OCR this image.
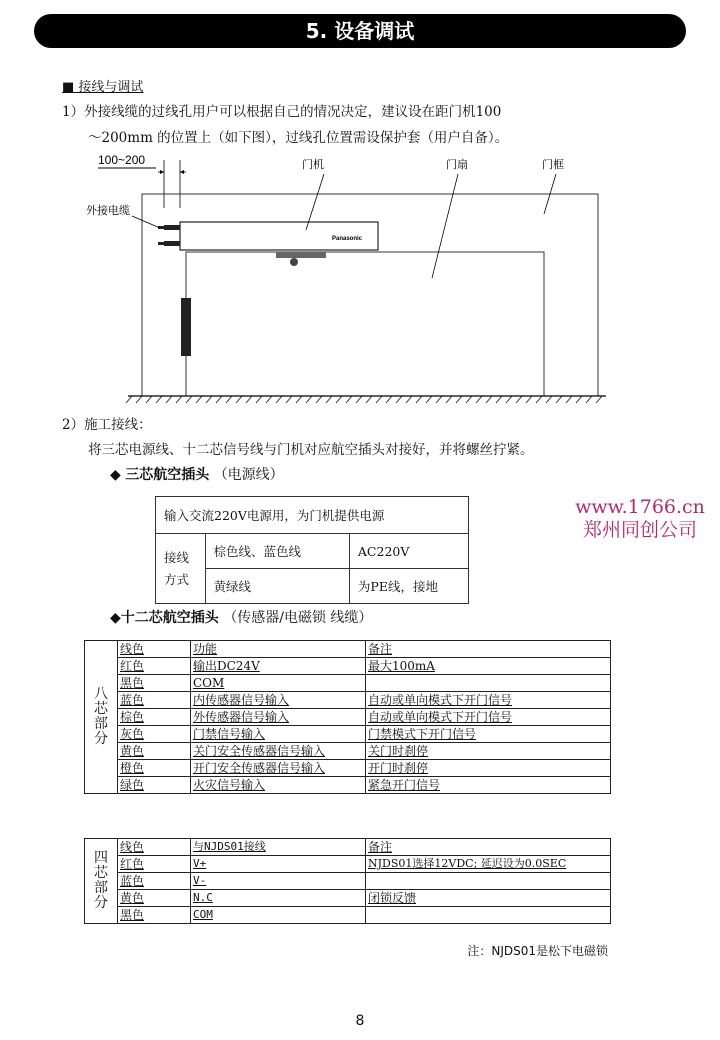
5. 设备调试
■ 接线与调试
1）外接线缆的过线孔用户可以根据自己的情况决定，建议设在距门机100
～200mm 的位置上（如下图），过线孔位置需设保护套（用户自备）。
100~200
Panasonic
外接电缆
门机	门扇	门框
2）施工接线：
将三芯电源线、十二芯信号线与门机对应航空插头对接好，并将螺丝拧紧。
◆ 三芯航空插头 （电源线）
输入交流220V电源用，为门机提供电源		
接线方式	棕色线、蓝色线	AC220V
	黄绿线	为PE线，接地
www.1766.cn
郑州同创公司
◆十二芯航空插头 （传感器/电磁锁 线缆）
八
芯
部
分	线色	功能	备注
	红色	输出DC24V	最大100mA
	黑色	COM	
	蓝色	内传感器信号输入	自动或单向模式下开门信号
	棕色	外传感器信号输入	自动或单向模式下开门信号
	灰色	门禁信号输入	门禁模式下开门信号
	黄色	关门安全传感器信号输入	关门时刹停
	橙色	开门安全传感器信号输入	开门时刹停
	绿色	火灾信号输入	紧急开门信号
四
芯
部
分	线色	与NJDS01接线	备注
	红色	V+	NJDS01选择12VDC; 延迟设为0.0SEC
	蓝色	V-	
	黄色	N.C	闭锁反馈
	黑色	COM	
注：NJDS01是松下电磁锁
8
